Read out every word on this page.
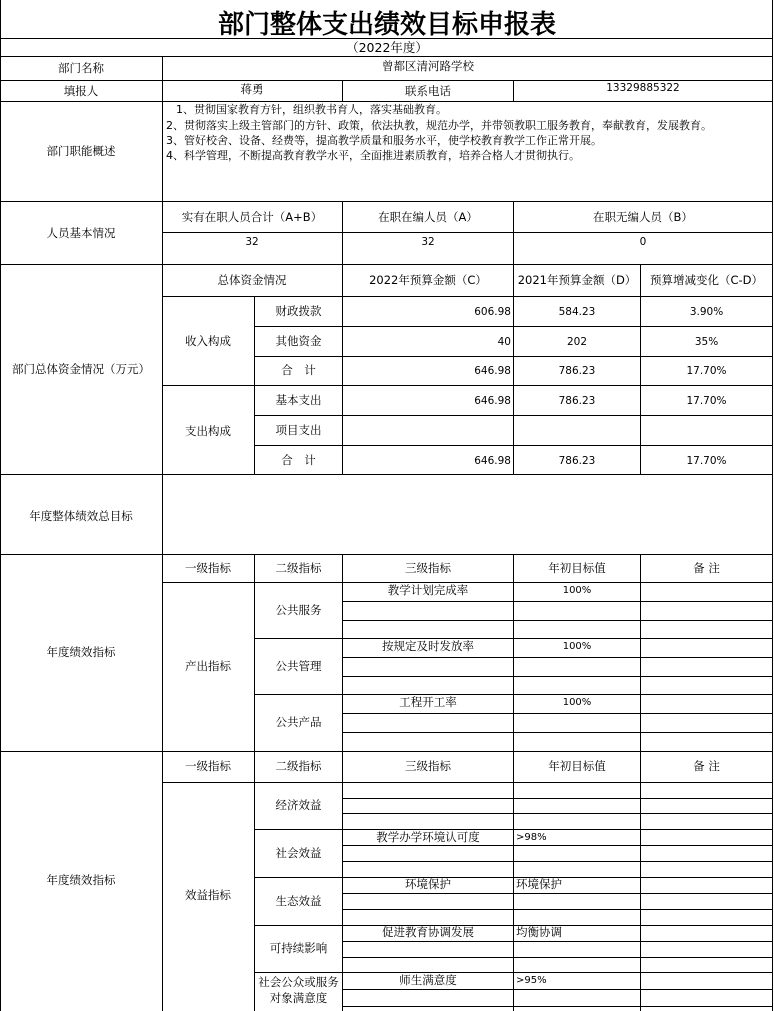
部门整体支出绩效目标申报表
（2022年度）
部门名称	曾都区清河路学校
填报人	蒋勇	联系电话	13329885322
部门职能概述
1、贯彻国家教育方针，组织教书育人，落实基础教育。
2、贯彻落实上级主管部门的方针、政策，依法执教，规范办学，并带领教职工服务教育，奉献教育，发展教育。
3、管好校舍、设备、经费等，提高教学质量和服务水平，使学校教育教学工作正常开展。
4、科学管理，不断提高教育教学水平，全面推进素质教育，培养合格人才贯彻执行。
人员基本情况
实有在职人员合计（A+B）	在职在编人员（A）	在职无编人员（B）
32	32	0
部门总体资金情况（万元）
总体资金情况	2022年预算金额（C）	2021年预算金额（D）	预算增减变化（C-D）
收入构成
支出构成
财政拨款	606.98	584.23	3.90%
其他资金	40	202	35%
合　计	646.98	786.23	17.70%
基本支出	646.98	786.23	17.70%
项目支出
合　计	646.98	786.23	17.70%
年度整体绩效总目标
年度绩效指标
一级指标	二级指标	三级指标	年初目标值	备 注
产出指标
公共服务
教学计划完成率	100%
公共管理
按规定及时发放率	100%
公共产品
工程开工率	100%
年度绩效指标
一级指标	二级指标	三级指标	年初目标值	备 注
效益指标
经济效益
社会效益
教学办学环境认可度	>98%
生态效益
环境保护	环境保护
可持续影响
促进教育协调发展	均衡协调
社会公众或服务
对象满意度
师生满意度	>95%
